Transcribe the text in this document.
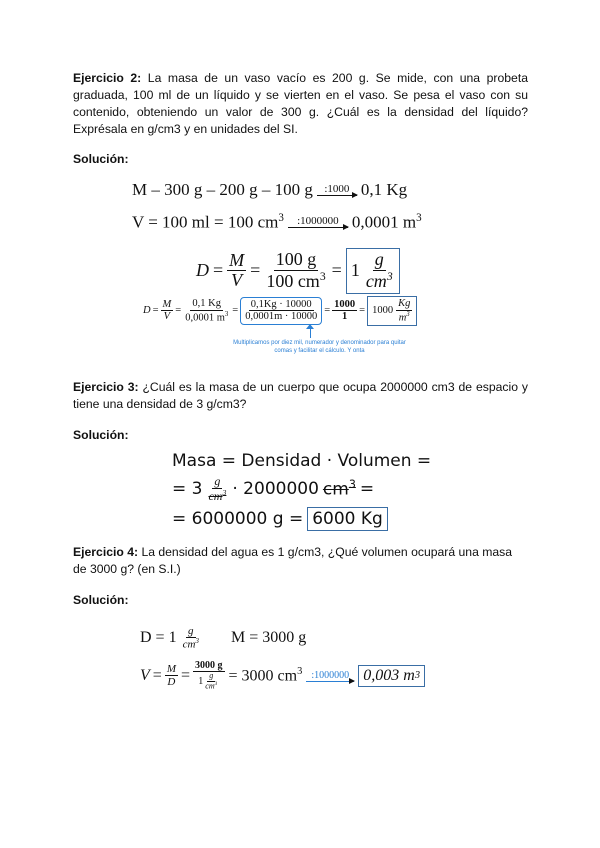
Ejercicio 2: La masa de un vaso vacío es 200 g. Se mide, con una probeta graduada, 100 ml de un líquido y se vierten en el vaso. Se pesa el vaso con su contenido, obteniendo un valor de 300 g. ¿Cuál es la densidad del líquido? Exprésala en g/cm3 y en unidades del SI.
Solución:
M – 300 g – 200 g – 100 g :1000 0,1 Kg
V = 100 ml = 100 $cm^3$ :1000000 0,0001 $m^3$
$D = \frac{M}{V} = \frac{100 g}{100 cm^3} = 1 \frac{g}{cm^3}$
$D = \frac{M}{V} = \frac{0,1 Kg}{0,0001 m^3} = \frac{0,1Kg \cdot 10000}{0,0001m \cdot 10000} = \frac{1000}{1} = 1000 \frac{Kg}{m^3}$
Multiplicamos por diez mil, numerador y denominador para quitar comas y facilitar el cálculo. Y onta
Ejercicio 3: ¿Cuál es la masa de un cuerpo que ocupa 2000000 cm3 de espacio y tiene una densidad de 3 g/cm3?
Solución:
Masa = Densidad · Volumen =
= $3 \frac{g}{cm^3} \cdot 2000000$ $cm^3$ =
= 6000000 g = 6000 Kg
Ejercicio 4: La densidad del agua es 1 g/cm3, ¿Qué volumen ocupará una masa de 3000 g? (en S.I.)
Solución:
$D = 1 \frac{g}{cm^3}$ M = 3000 g
$V = \frac{M}{D} = \frac{3000 g}{1 \frac{g}{cm^3}} = 3000$ $cm^3$ :1000000 0,003 m 3
